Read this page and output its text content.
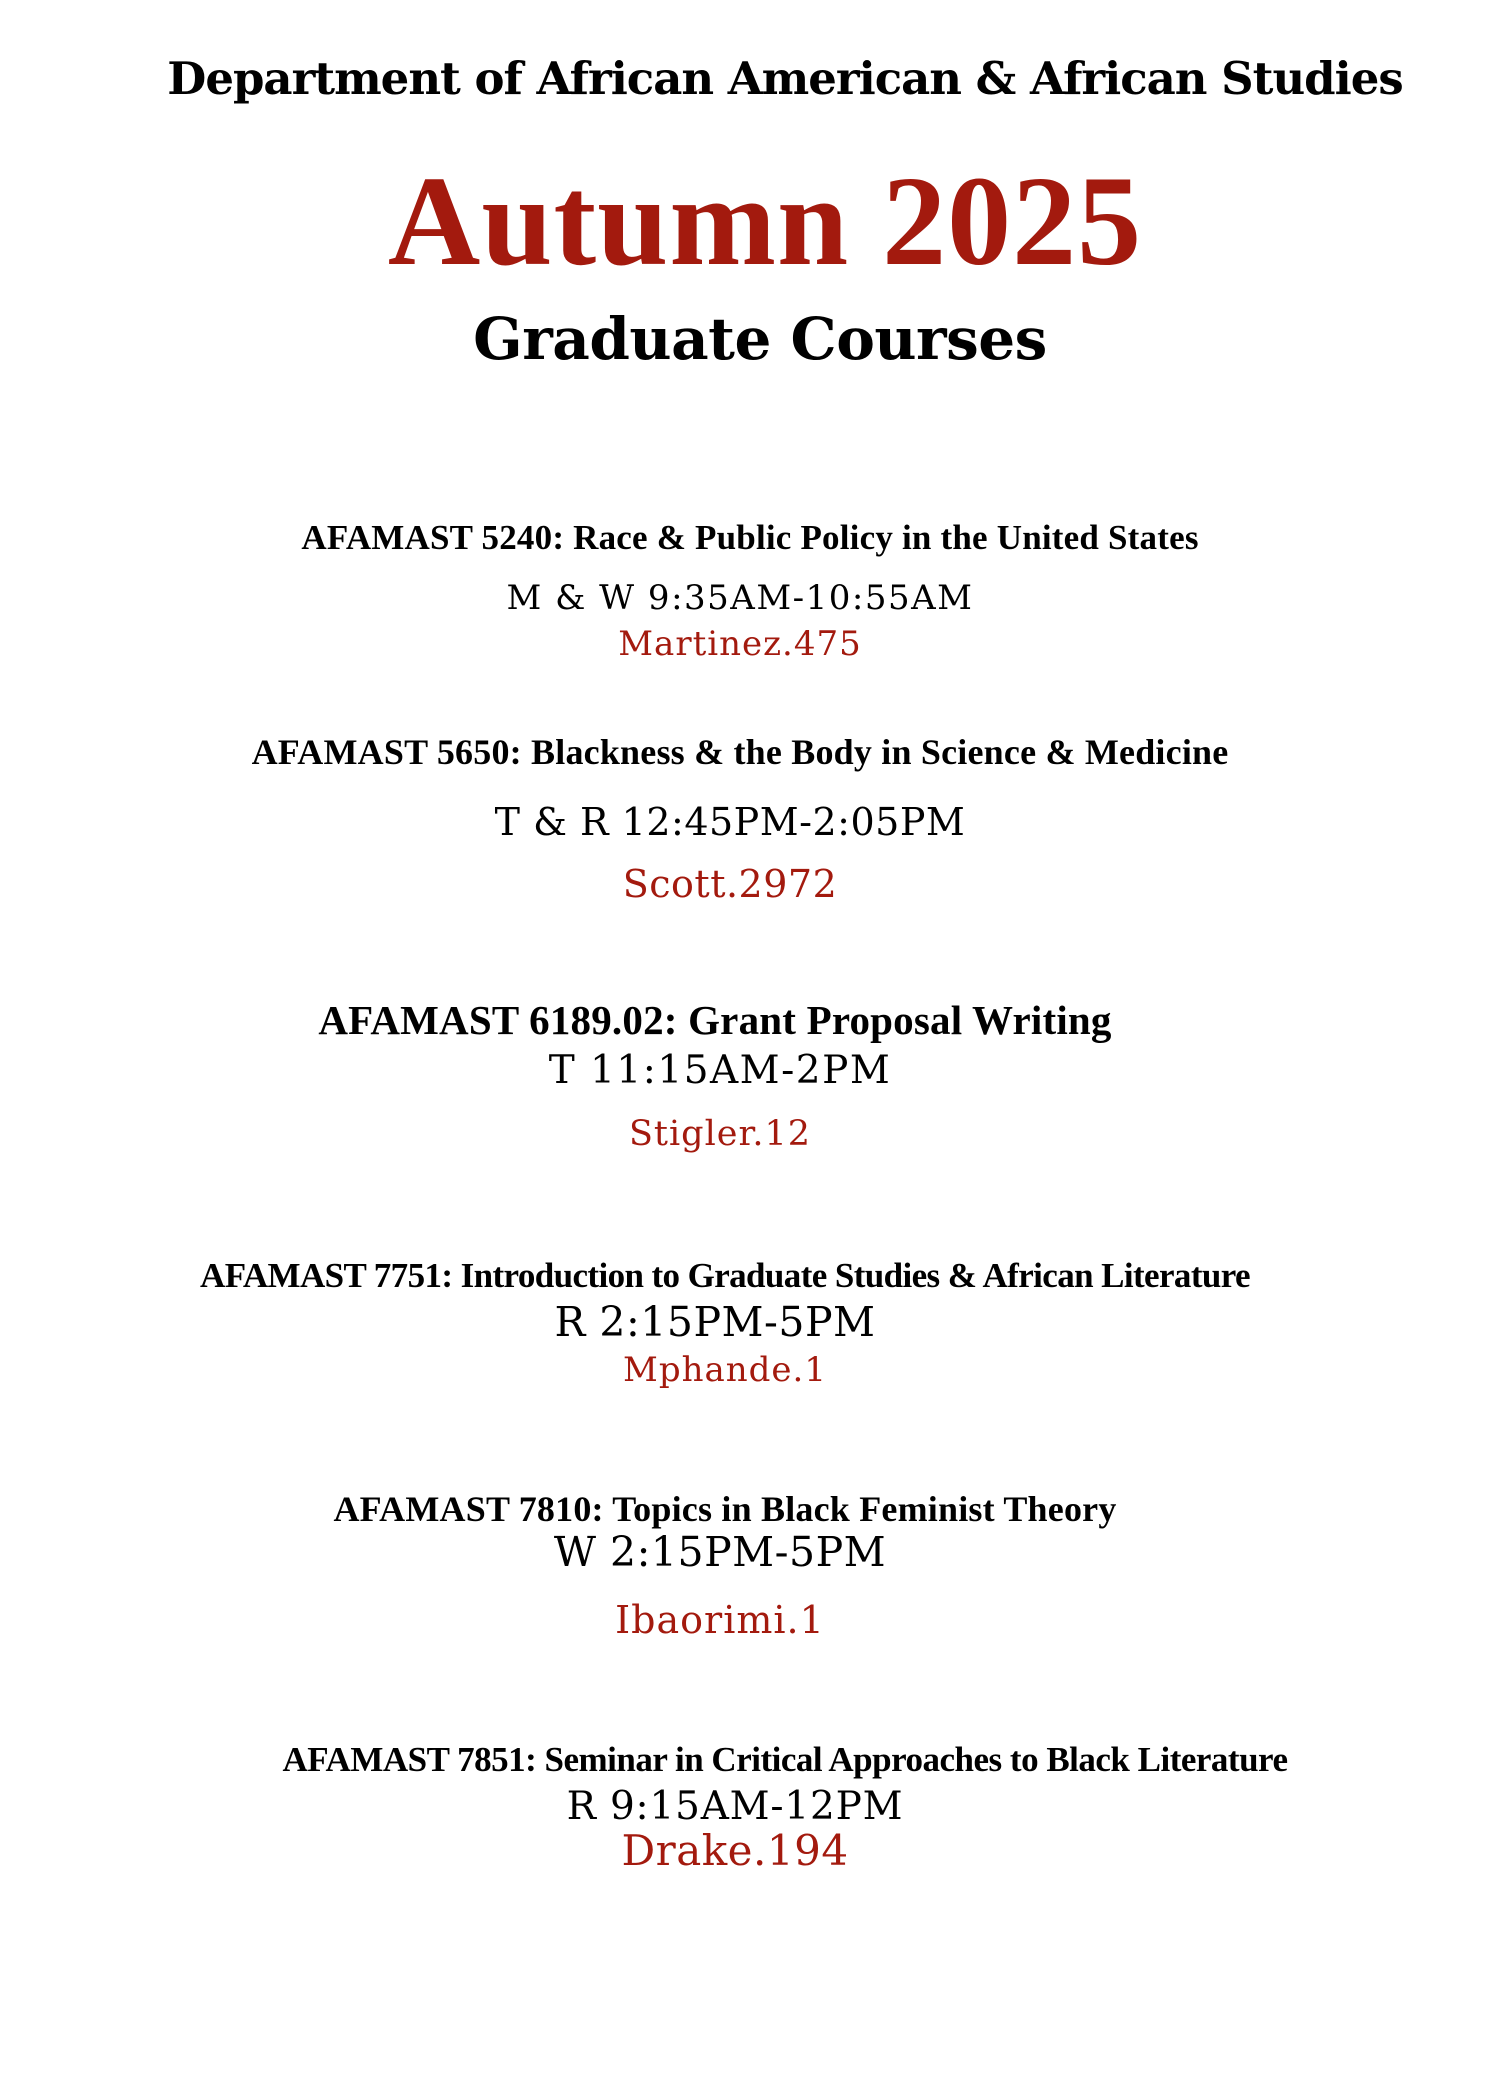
Department of African American & African Studies
Autumn 2025
Graduate Courses
AFAMAST 5240: Race & Public Policy in the United States
M & W 9:35AM-10:55AM
Martinez.475
AFAMAST 5650: Blackness & the Body in Science & Medicine
T & R 12:45PM-2:05PM
Scott.2972
AFAMAST 6189.02: Grant Proposal Writing
T 11:15AM-2PM
Stigler.12
AFAMAST 7751: Introduction to Graduate Studies & African Literature
R 2:15PM-5PM
Mphande.1
AFAMAST 7810: Topics in Black Feminist Theory
W 2:15PM-5PM
Ibaorimi.1
AFAMAST 7851: Seminar in Critical Approaches to Black Literature
R 9:15AM-12PM
Drake.194
